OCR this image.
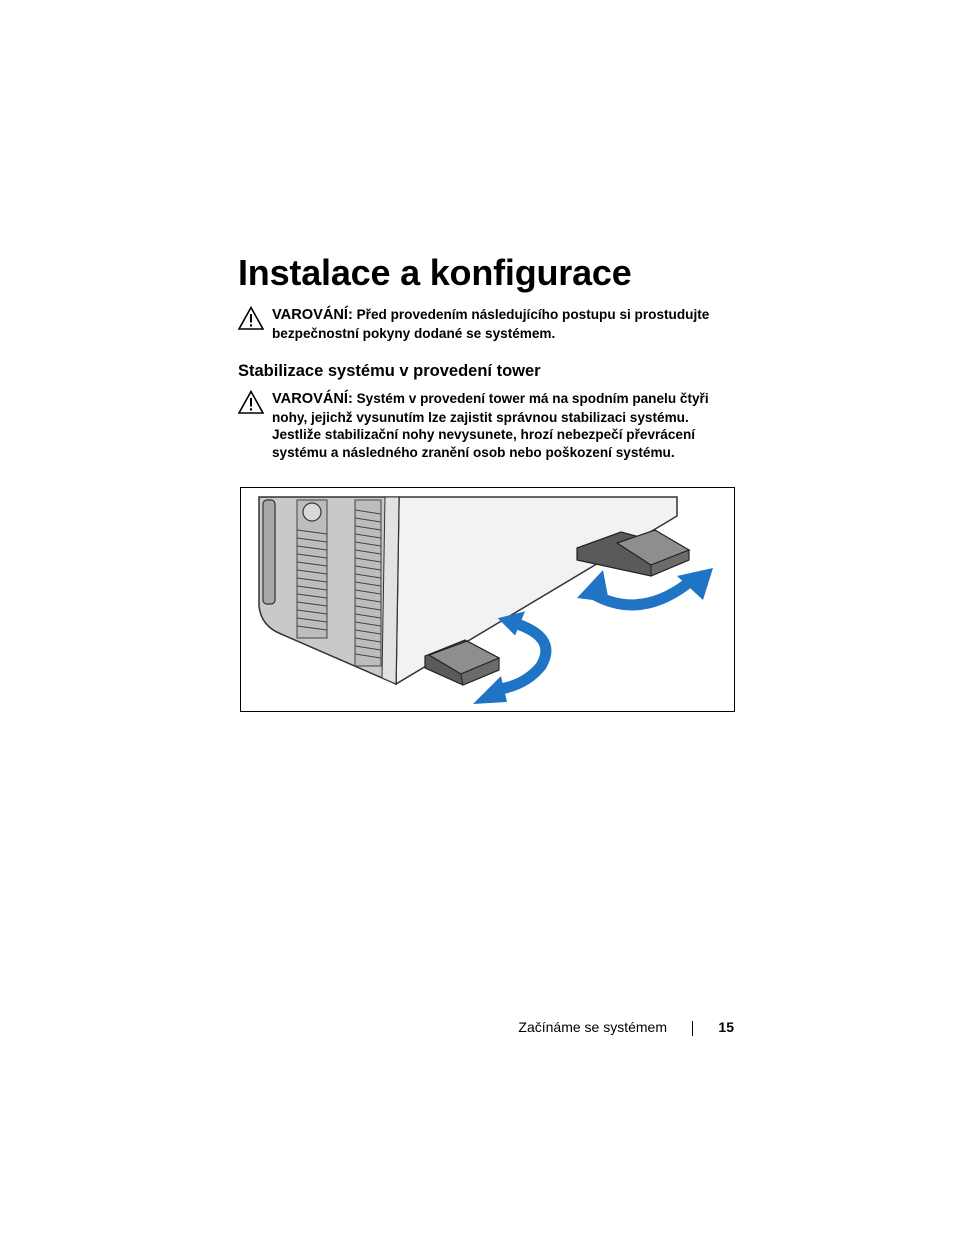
Instalace a konfigurace
VAROVÁNÍ: Před provedením následujícího postupu si prostudujte
bezpečnostní pokyny dodané se systémem.
Stabilizace systému v provedení tower
VAROVÁNÍ: Systém v provedení tower má na spodním panelu čtyři
nohy, jejichž vysunutím lze zajistit správnou stabilizaci systému.
Jestliže stabilizační nohy nevysunete, hrozí nebezpečí převrácení
systému a následného zranění osob nebo poškození systému.
Začínáme se systémem	15
